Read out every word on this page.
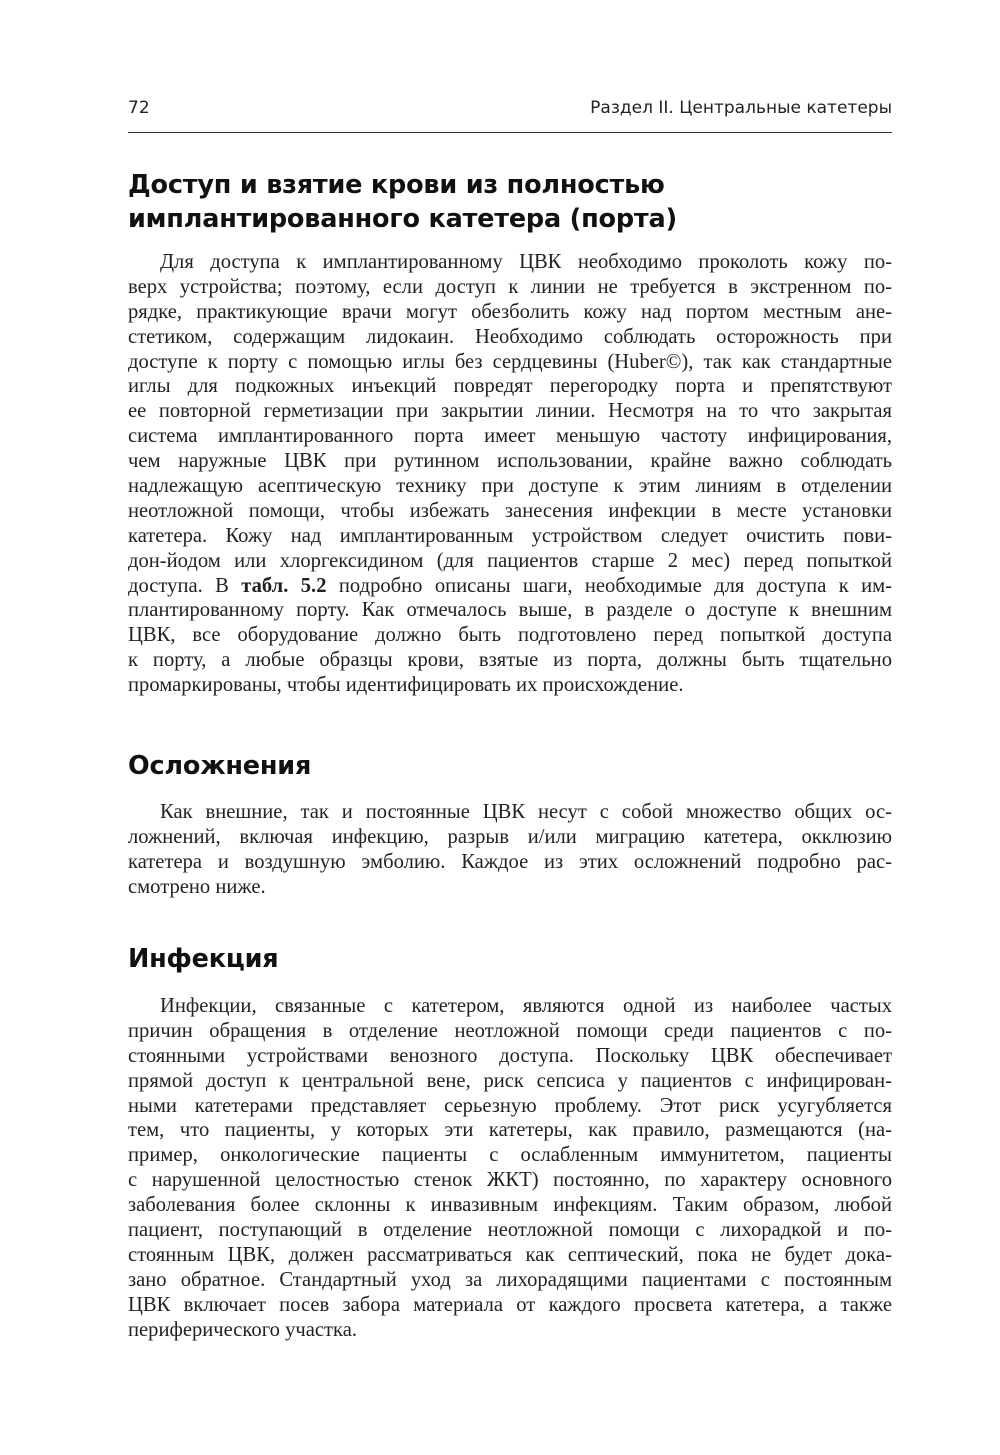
72	Раздел II. Центральные катетеры
Доступ и взятие крови из полностью
имплантированного катетера (порта)
Для доступа к имплантированному ЦВК необходимо проколоть кожу по-
верх устройства; поэтому, если доступ к линии не требуется в экстренном по-
рядке, практикующие врачи могут обезболить кожу над портом местным ане-
стетиком, содержащим лидокаин. Необходимо соблюдать осторожность при
доступе к порту с помощью иглы без сердцевины (Huber©), так как стандартные
иглы для подкожных инъекций повредят перегородку порта и препятствуют
ее повторной герметизации при закрытии линии. Несмотря на то что закрытая
система имплантированного порта имеет меньшую частоту инфицирования,
чем наружные ЦВК при рутинном использовании, крайне важно соблюдать
надлежащую асептическую технику при доступе к этим линиям в отделении
неотложной помощи, чтобы избежать занесения инфекции в месте установки
катетера. Кожу над имплантированным устройством следует очистить пови-
дон-йодом или хлоргексидином (для пациентов старше 2 мес) перед попыткой
доступа. В табл. 5.2 подробно описаны шаги, необходимые для доступа к им-
плантированному порту. Как отмечалось выше, в разделе о доступе к внешним
ЦВК, все оборудование должно быть подготовлено перед попыткой доступа
к порту, а любые образцы крови, взятые из порта, должны быть тщательно
промаркированы, чтобы идентифицировать их происхождение.
Осложнения
Как внешние, так и постоянные ЦВК несут с собой множество общих ос-
ложнений, включая инфекцию, разрыв и/или миграцию катетера, окклюзию
катетера и воздушную эмболию. Каждое из этих осложнений подробно рас-
смотрено ниже.
Инфекция
Инфекции, связанные с катетером, являются одной из наиболее частых
причин обращения в отделение неотложной помощи среди пациентов с по-
стоянными устройствами венозного доступа. Поскольку ЦВК обеспечивает
прямой доступ к центральной вене, риск сепсиса у пациентов с инфицирован-
ными катетерами представляет серьезную проблему. Этот риск усугубляется
тем, что пациенты, у которых эти катетеры, как правило, размещаются (на-
пример, онкологические пациенты с ослабленным иммунитетом, пациенты
с нарушенной целостностью стенок ЖКТ) постоянно, по характеру основного
заболевания более склонны к инвазивным инфекциям. Таким образом, любой
пациент, поступающий в отделение неотложной помощи с лихорадкой и по-
стоянным ЦВК, должен рассматриваться как септический, пока не будет дока-
зано обратное. Стандартный уход за лихорадящими пациентами с постоянным
ЦВК включает посев забора материала от каждого просвета катетера, а также
периферического участка.
